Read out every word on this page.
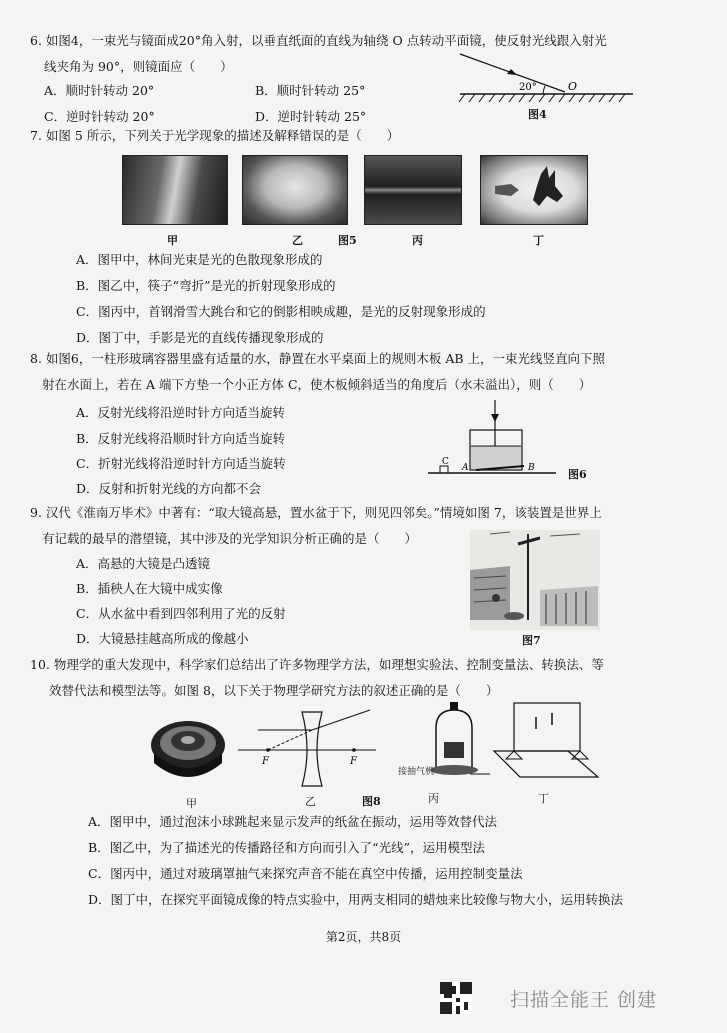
6. 如图4，一束光与镜面成20°角入射，以垂直纸面的直线为轴绕 O 点转动平面镜，使反射光线跟入射光
线夹角为 90°，则镜面应（　　）
A．顺时针转动 20°	B．顺时针转动 25°
C．逆时针转动 20°	D．逆时针转动 25°
20°	O
图4
7. 如图 5 所示，下列关于光学现象的描述及解释错误的是（　　）
甲	乙	图5	丙	丁
A．图甲中，林间光束是光的色散现象形成的
B．图乙中，筷子“弯折”是光的折射现象形成的
C．图丙中，首钢滑雪大跳台和它的倒影相映成趣，是光的反射现象形成的
D．图丁中，手影是光的直线传播现象形成的
8. 如图6，一柱形玻璃容器里盛有适量的水，静置在水平桌面上的规则木板 AB 上，一束光线竖直向下照
射在水面上，若在 A 端下方垫一个小正方体 C，使木板倾斜适当的角度后（水未溢出），则（　　）
A．反射光线将沿逆时针方向适当旋转
B．反射光线将沿顺时针方向适当旋转
C．折射光线将沿逆时针方向适当旋转
D．反射和折射光线的方向都不会
C
A	B	图6
9. 汉代《淮南万毕术》中著有：“取大镜高悬，置水盆于下，则见四邻矣。”情境如图 7，该装置是世界上
有记载的最早的潜望镜，其中涉及的光学知识分析正确的是（　　）
A．高悬的大镜是凸透镜
B．插秧人在大镜中成实像
C．从水盆中看到四邻利用了光的反射
D．大镜悬挂越高所成的像越小	图7
10. 物理学的重大发现中，科学家们总结出了许多物理学方法，如理想实验法、控制变量法、转换法、等
效替代法和模型法等。如图 8，以下关于物理学研究方法的叙述正确的是（　　）
F	F
接抽气机
甲	乙	图8	丙	丁
A．图甲中，通过泡沫小球跳起来显示发声的纸盆在振动，运用等效替代法
B．图乙中，为了描述光的传播路径和方向而引入了“光线”，运用模型法
C．图丙中，通过对玻璃罩抽气来探究声音不能在真空中传播，运用控制变量法
D．图丁中，在探究平面镜成像的特点实验中，用两支相同的蜡烛来比较像与物大小，运用转换法
第2页，共8页
扫描全能王 创建
